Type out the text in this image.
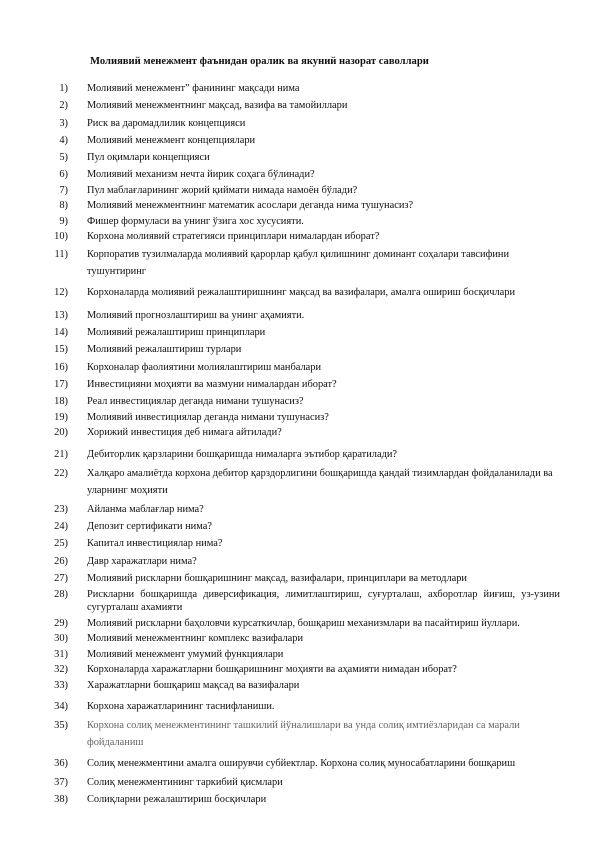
Молиявий менежмент фаънидан оралик ва якуний назорат саволлари
1) Молиявий менежмент” фанининг мақсади нима
2) Молиявий менежментнинг мақсад, вазифа ва тамойиллари
3) Риск ва даромадлилик концепцияси
4) Молиявий менежмент концепциялари
5) Пул оқимлари концепцияси
6) Молиявий механизм нечта йирик соҳага бўлинади?
7) Пул маблағларининг жорий қиймати нимада намоён бўлади?
8) Молиявий менежментнинг математик асослари деганда нима тушунасиз?
9) Фишер формуласи ва унинг ўзига хос хусусияти.
10) Корхона молиявий стратегияси принциплари нималардан иборат?
11) Корпоратив тузилмаларда молиявий қарорлар қабул қилишнинг доминант соҳалари тавсифини тушунтиринг
12) Корхоналарда молиявий режалаштиришнинг мақсад ва вазифалари, амалга ошириш босқичлари
13) Молиявий прогнозлаштириш ва унинг аҳамияти.
14) Молиявий режалаштириш принциплари
15) Молиявий режалаштириш турлари
16) Корхоналар фаолиятини молиялаштириш манбалари
17) Инвестицияни моҳияти ва мазмуни нималардан иборат?
18) Реал инвестициялар деганда нимани тушунасиз?
19) Молиявий инвестициялар деганда нимани тушунасиз?
20) Хорижий инвестиция деб нимага айтилади?
21) Дебиторлик қарзларини бошқаришда нималарга эътибор қаратилади?
22) Халқаро амалиётда корхона дебитор қарздорлигини бошқаришда қандай тизимлардан фойдаланилади ва уларнинг моҳияти
23) Айланма маблағлар нима?
24) Депозит сертификати нима?
25) Капитал инвестициялар нима?
26) Давр харажатлари нима?
27) Молиявий рискларни бошқаришнинг мақсад, вазифалари, принциплари ва методлари
28) Рискларни бошқаришда диверсификация, лимитлаштириш, суғурталаш, ахборотлар йиғиш, уз-узини сугурталаш ахамияти
29) Молиявий рискларни баҳоловчи курсаткичлар, бошқариш механизмлари ва пасайтириш йуллари.
30) Молиявий менежментнинг комплекс вазифалари
31) Молиявий менежмент умумий функциялари
32) Корхоналарда харажатларни бошқаришнинг моҳияти ва аҳамияти нимадан иборат?
33) Харажатларни бошқариш мақсад ва вазифалари
34) Корхона харажатларининг таснифланиши.
35) Корхона солиқ менежментининг ташкилий йўналишлари ва унда солиқ имтиёзларидан са марали фойдаланиш
36) Солиқ менежментини амалга оширувчи субйектлар. Корхона солиқ муносабатларини бошқариш
37) Солиқ менежментининг таркибий қисмлари
38) Солиқларни режалаштириш босқичлари
